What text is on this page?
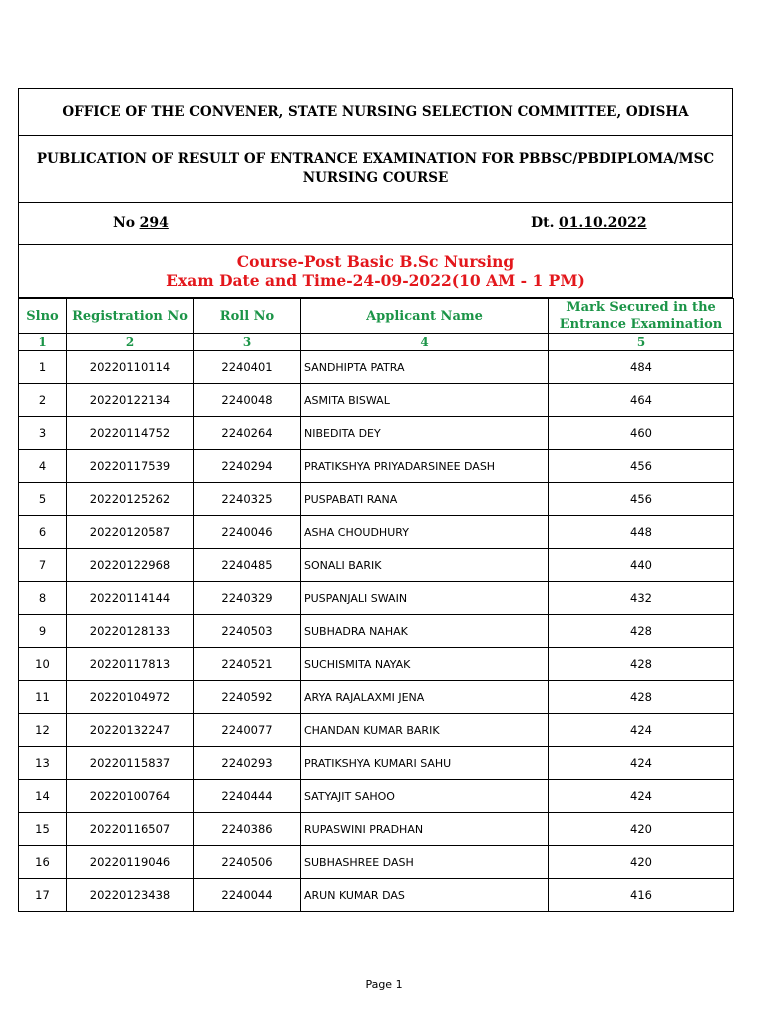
OFFICE OF THE CONVENER, STATE NURSING SELECTION COMMITTEE, ODISHA
PUBLICATION OF RESULT OF ENTRANCE EXAMINATION FOR PBBSC/PBDIPLOMA/MSC NURSING COURSE
No 294	Dt. 01.10.2022
Course-Post Basic B.Sc Nursing
Exam Date and Time-24-09-2022(10 AM - 1 PM)
Slno	Registration No	Roll No	Applicant Name	Mark Secured in the Entrance Examination
1	2	3	4	5
1	20220110114	2240401	SANDHIPTA PATRA	484
2	20220122134	2240048	ASMITA BISWAL	464
3	20220114752	2240264	NIBEDITA DEY	460
4	20220117539	2240294	PRATIKSHYA PRIYADARSINEE DASH	456
5	20220125262	2240325	PUSPABATI RANA	456
6	20220120587	2240046	ASHA CHOUDHURY	448
7	20220122968	2240485	SONALI BARIK	440
8	20220114144	2240329	PUSPANJALI SWAIN	432
9	20220128133	2240503	SUBHADRA NAHAK	428
10	20220117813	2240521	SUCHISMITA NAYAK	428
11	20220104972	2240592	ARYA RAJALAXMI JENA	428
12	20220132247	2240077	CHANDAN KUMAR BARIK	424
13	20220115837	2240293	PRATIKSHYA KUMARI SAHU	424
14	20220100764	2240444	SATYAJIT SAHOO	424
15	20220116507	2240386	RUPASWINI PRADHAN	420
16	20220119046	2240506	SUBHASHREE DASH	420
17	20220123438	2240044	ARUN KUMAR DAS	416
Page 1
